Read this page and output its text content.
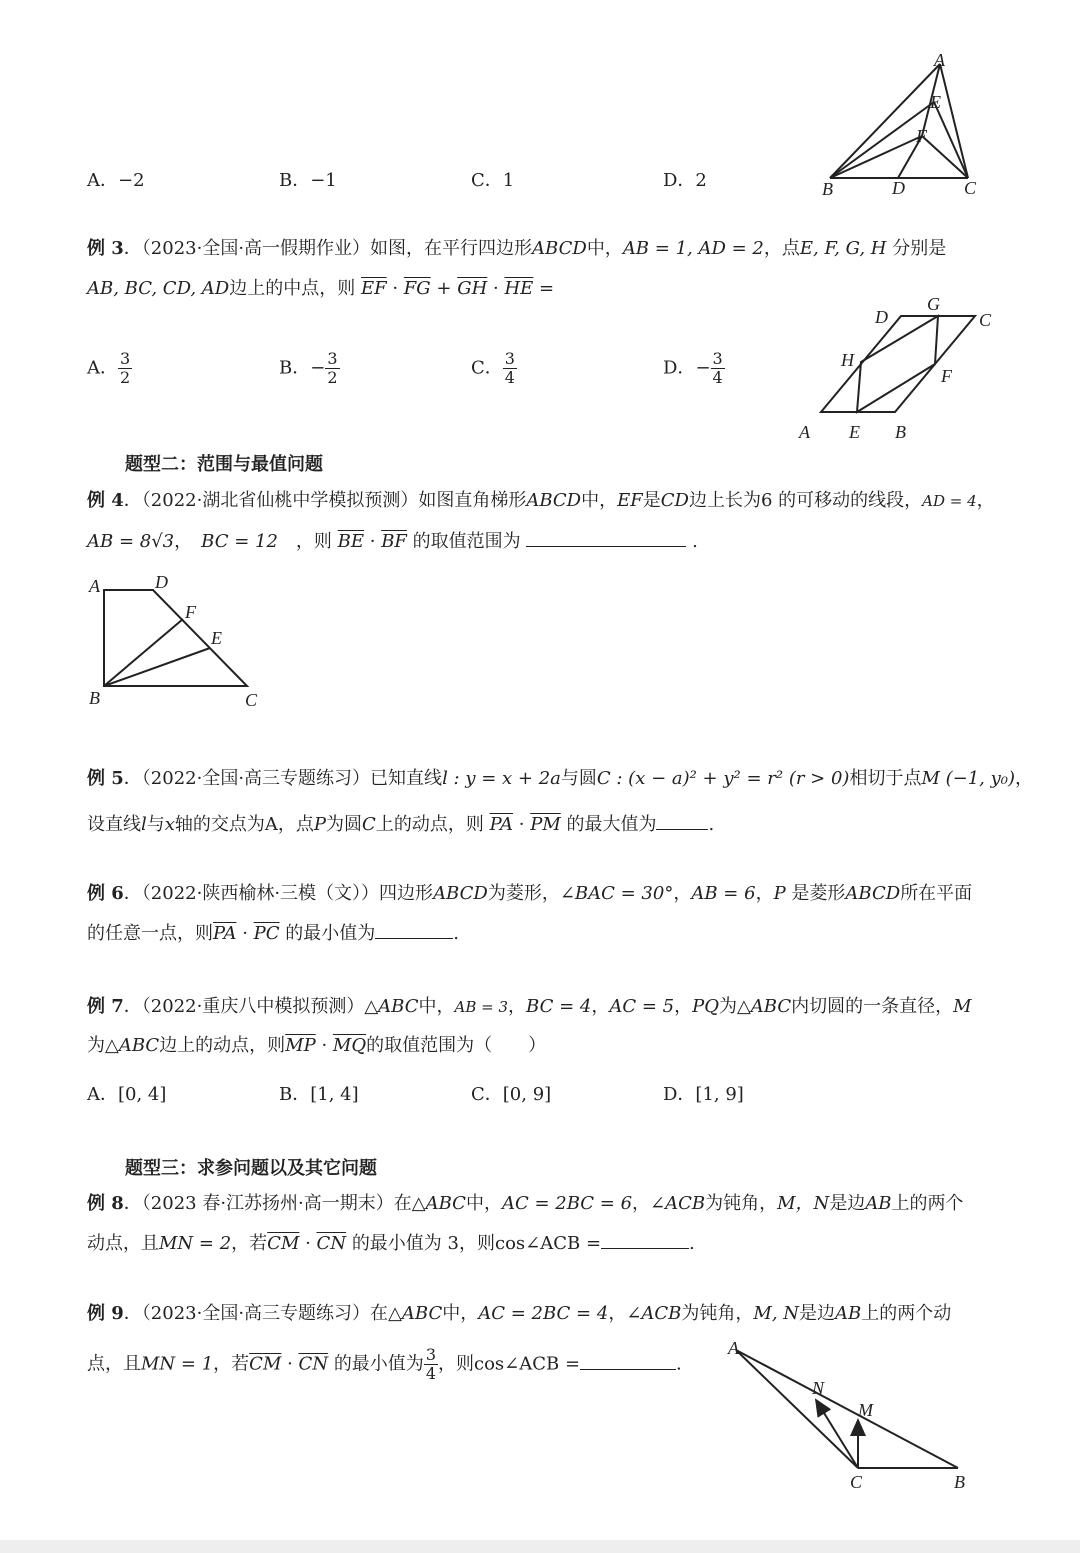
A．−2	B．−1	C．1	D．2
A
E
F
B	D	C
例 3．（2023·全国·高一假期作业）如图，在平行四边形ABCD中，AB = 1, AD = 2，点E, F, G, H 分别是
AB, BC, CD, AD边上的中点，则 $\overline{EF} \cdot \overline{FG} + \overline{GH} \cdot \overline{HE}$ =
A． $\frac{3}{2}$	B．− $\frac{3}{2}$	C． $\frac{3}{4}$	D．− $\frac{3}{4}$
D
G
C
H
F
A E B
题型二：范围与最值问题
例 4．（2022·湖北省仙桃中学模拟预测）如图直角梯形ABCD中，EF是CD边上长为6 的可移动的线段，AD = 4，
AB = 8√3，　BC = 12　 ，则 $\overline{BE} \cdot \overline{BF}$ 的取值范围为	.
A	D
F
E
B	C
例 5．（2022·全国·高三专题练习）已知直线l : y = x + 2a与圆C : (x − a)² + y² = r² (r > 0)相切于点M (−1, y₀)，
设直线l与x轴的交点为A，点P为圆C上的动点，则 $\overline{PA} \cdot \overline{PM}$ 的最大值为	.
例 6．（2022·陕西榆林·三模（文））四边形ABCD为菱形，∠BAC = 30°，AB = 6，P 是菱形ABCD所在平面
的任意一点，则$\overline{PA} \cdot \overline{PC}$ 的最小值为	.
例 7．（2022·重庆八中模拟预测）△ABC中，AB = 3，BC = 4，AC = 5，PQ为△ABC内切圆的一条直径，M
为△ABC边上的动点，则$\overline{MP} \cdot \overline{MQ}$的取值范围为（　　）
A．[0, 4]	B．[1, 4]	C．[0, 9]	D．[1, 9]
题型三：求参问题以及其它问题
例 8．（2023 春·江苏扬州·高一期末）在△ABC中，AC = 2BC = 6，∠ACB为钝角，M，N是边AB上的两个
动点，且MN = 2，若$\overline{CM} \cdot \overline{CN}$ 的最小值为 3，则cos∠ACB =	.
例 9．（2023·全国·高三专题练习）在△ABC中，AC = 2BC = 4，∠ACB为钝角，M, N是边AB上的两个动
点，且MN = 1，若$\overline{CM} \cdot \overline{CN}$ 的最小值为 $\frac{3}{4}$ ，则cos∠ACB =	.
A
N
M
C	B
